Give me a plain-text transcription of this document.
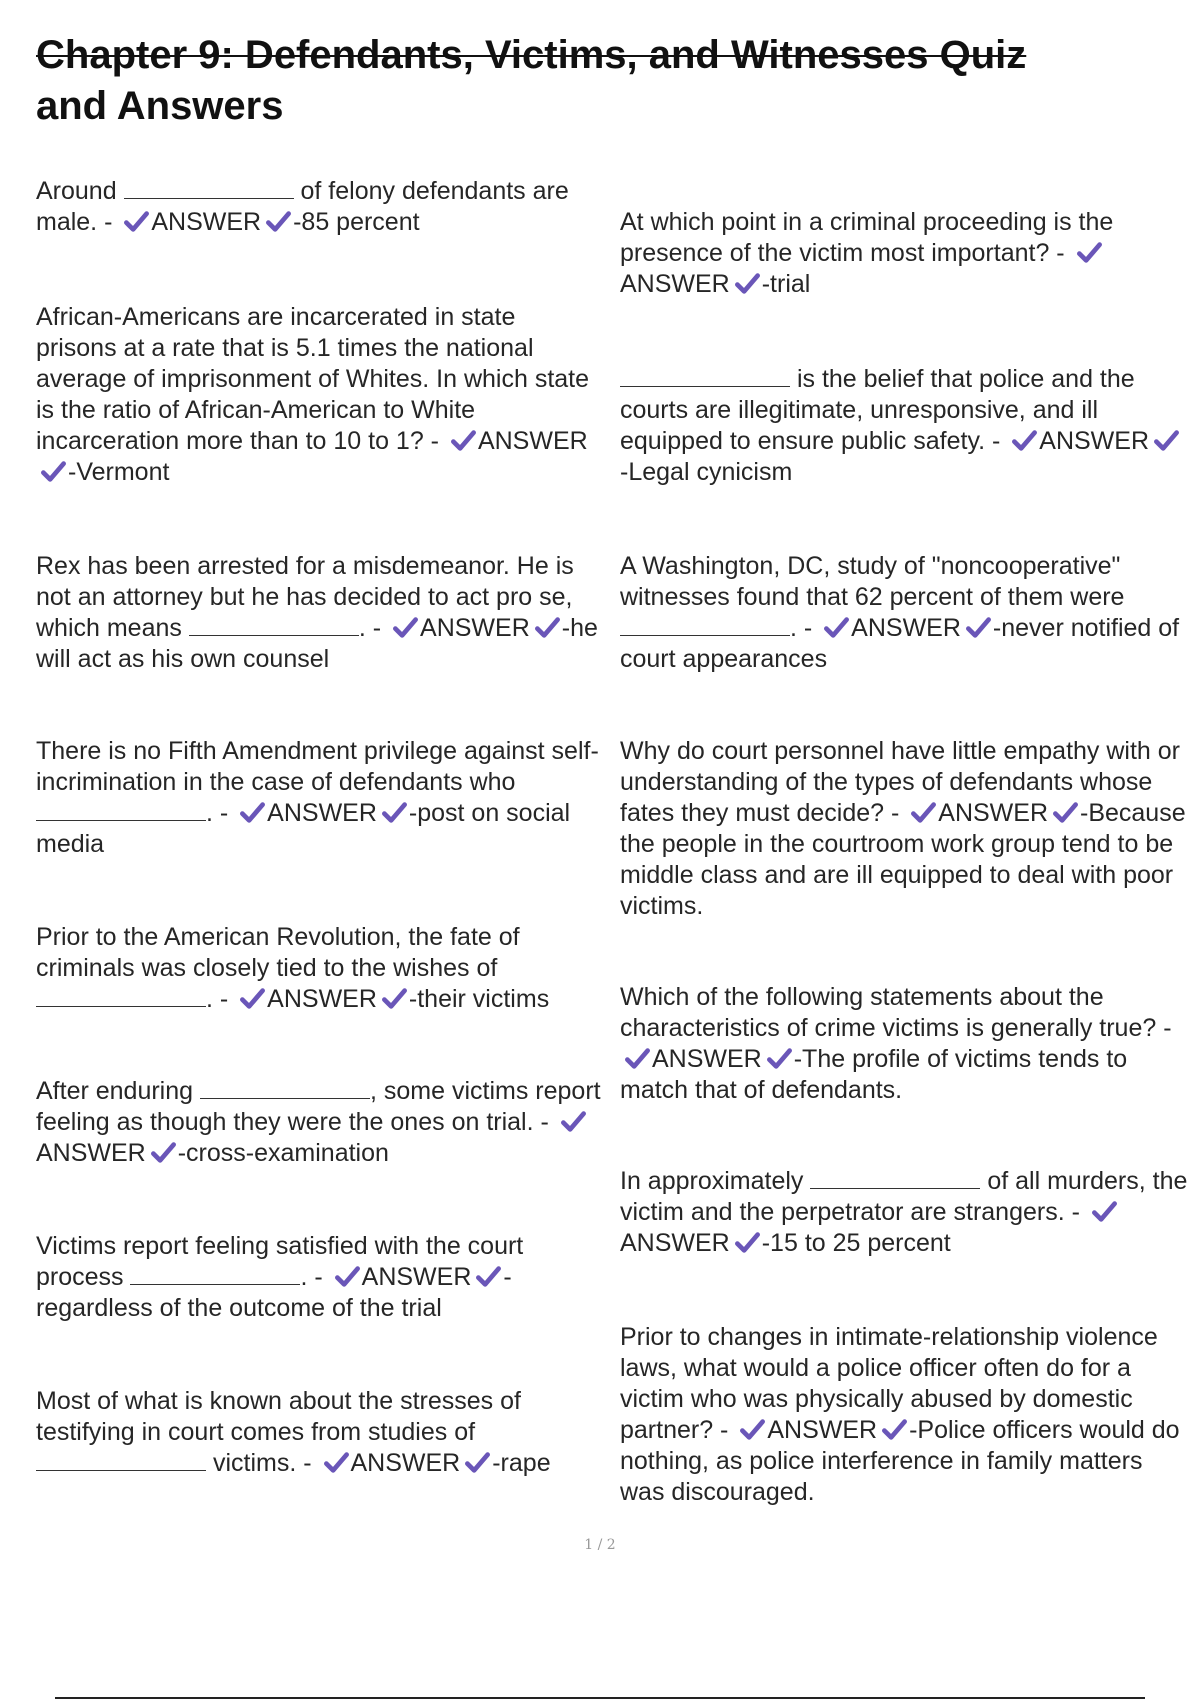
Chapter 9: Defendants, Victims, and Witnesses Quiz
and Answers

Around	of felony defendants are male. - ANSWER -85 percent

African-Americans are incarcerated in state prisons at a rate that is 5.1 times the national average of imprisonment of Whites. In which state is the ratio of African-American to White incarceration more than to 10 to 1? - ANSWER-Vermont

Rex has been arrested for a misdemeanor. He is not an attorney but he has decided to act pro se, which means	. - ANSWER -he will act as his own counsel

There is no Fifth Amendment privilege against self-incrimination in the case of defendants who . - ANSWER -post on social media

Prior to the American Revolution, the fate of criminals was closely tied to the wishes of . - ANSWER -their victims

After enduring	, some victims report feeling as though they were the ones on trial. - ANSWER -cross-examination

Victims report feeling satisfied with the court process	. - ANSWER -regardless of the outcome of the trial

Most of what is known about the stresses of testifying in court comes from studies of  victims. - ANSWER -rape

At which point in a criminal proceeding is the presence of the victim most important? - ANSWER -trial

is the belief that police and the courts are illegitimate, unresponsive, and ill equipped to ensure public safety. - ANSWER-Legal cynicism

A Washington, DC, study of "noncooperative" witnesses found that 62 percent of them were . - ANSWER -never notified of court appearances

Why do court personnel have little empathy with or understanding of the types of defendants whose fates they must decide? - ANSWER -Because the people in the courtroom work group tend to be middle class and are ill equipped to deal with poor victims.

Which of the following statements about the characteristics of crime victims is generally true? - ANSWER -The profile of victims tends to match that of defendants.

In approximately	of all murders, the victim and the perpetrator are strangers. - ANSWER -15 to 25 percent

Prior to changes in intimate-relationship violence laws, what would a police officer often do for a victim who was physically abused by domestic partner? - ANSWER -Police officers would do nothing, as police interference in family matters was discouraged.

1 / 2
